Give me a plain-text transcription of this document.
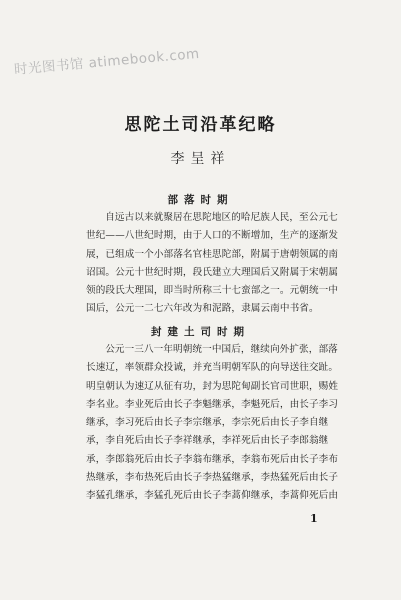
时光图书馆 atimebook.com
思陀土司沿革纪略
李呈祥
部落时期
自远古以来就聚居在思陀地区的哈尼族人民，至公元七
世纪——八世纪时期，由于人口的不断增加，生产的逐渐发
展，已组成一个小部落名官桂思陀部，附属于唐朝领属的南
诏国。公元十世纪时期，段氏建立大理国后又附属于宋朝属
领的段氏大理国，即当时所称三十七蛮部之一。元朝统一中
国后，公元一二七六年改为和泥路，隶属云南中书省。
封建土司时期
公元一三八一年明朝统一中国后，继续向外扩张，部落
长速辽，率领群众投诚，并充当明朝军队的向导送往交趾。
明皇朝认为速辽从征有功，封为思陀甸副长官司世职，赐姓
李名业。李业死后由长子李魁继承，李魁死后，由长子李习
继承，李习死后由长子李宗继承，李宗死后由长子李自继
承，李自死后由长子李祥继承，李祥死后由长子李郎翁继
承，李郎翁死后由长子李翁布继承，李翁布死后由长子李布
热继承，李布热死后由长子李热猛继承，李热猛死后由长子
李猛孔继承，李猛孔死后由长子李蒿仰继承，李蒿仰死后由
1
